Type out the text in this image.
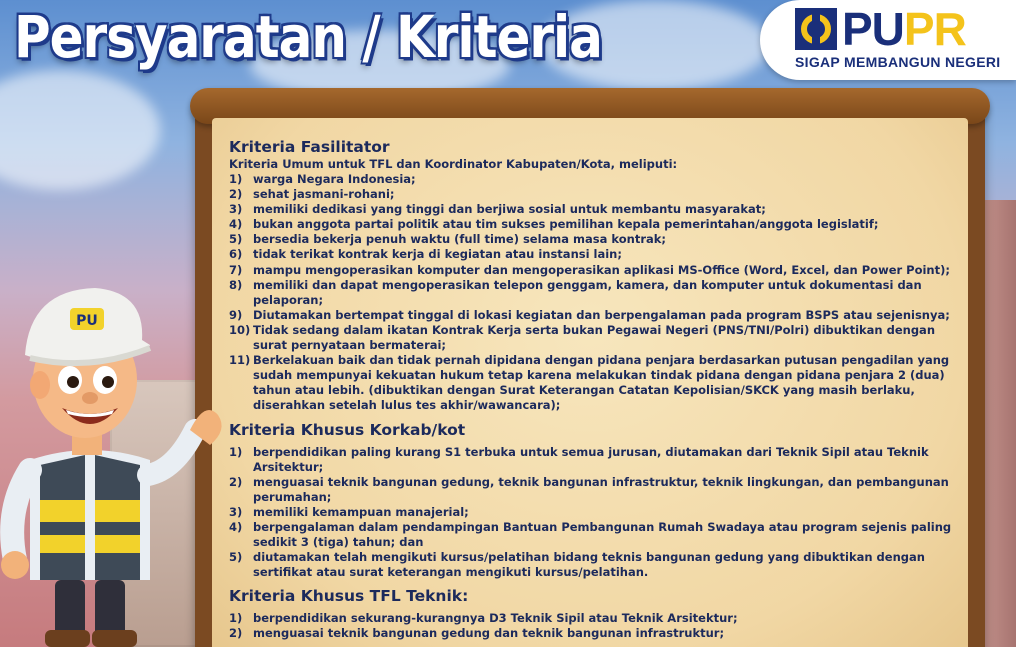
Persyaratan / Kriteria	PUPR
SIGAP MEMBANGUN NEGERI
Kriteria Fasilitator
Kriteria Umum untuk TFL dan Koordinator Kabupaten/Kota, meliputi:
1) warga Negara Indonesia;
2) sehat jasmani-rohani;
3) memiliki dedikasi yang tinggi dan berjiwa sosial untuk membantu masyarakat;
4) bukan anggota partai politik atau tim sukses pemilihan kepala pemerintahan/anggota legislatif;
5) bersedia bekerja penuh waktu (full time) selama masa kontrak;
6) tidak terikat kontrak kerja di kegiatan atau instansi lain;
7) mampu mengoperasikan komputer dan mengoperasikan aplikasi MS-Office (Word, Excel, dan Power Point);
8) memiliki dan dapat mengoperasikan telepon genggam, kamera, dan komputer untuk dokumentasi dan pelaporan;
9) Diutamakan bertempat tinggal di lokasi kegiatan dan berpengalaman pada program BSPS atau sejenisnya;
10) Tidak sedang dalam ikatan Kontrak Kerja serta bukan Pegawai Negeri (PNS/TNI/Polri) dibuktikan dengan surat pernyataan bermaterai;
11) Berkelakuan baik dan tidak pernah dipidana dengan pidana penjara berdasarkan putusan pengadilan yang sudah mempunyai kekuatan hukum tetap karena melakukan tindak pidana dengan pidana penjara 2 (dua) tahun atau lebih. (dibuktikan dengan Surat Keterangan Catatan Kepolisian/SKCK yang masih berlaku, diserahkan setelah lulus tes akhir/wawancara);
Kriteria Khusus Korkab/kot
1) berpendidikan paling kurang S1 terbuka untuk semua jurusan, diutamakan dari Teknik Sipil atau Teknik Arsitektur;
2) menguasai teknik bangunan gedung, teknik bangunan infrastruktur, teknik lingkungan, dan pembangunan perumahan;
3) memiliki kemampuan manajerial;
4) berpengalaman dalam pendampingan Bantuan Pembangunan Rumah Swadaya atau program sejenis paling sedikit 3 (tiga) tahun; dan
5) diutamakan telah mengikuti kursus/pelatihan bidang teknis bangunan gedung yang dibuktikan dengan sertifikat atau surat keterangan mengikuti kursus/pelatihan.
Kriteria Khusus TFL Teknik:
1) berpendidikan sekurang-kurangnya D3 Teknik Sipil atau Teknik Arsitektur;
2) menguasai teknik bangunan gedung dan teknik bangunan infrastruktur;
PU
